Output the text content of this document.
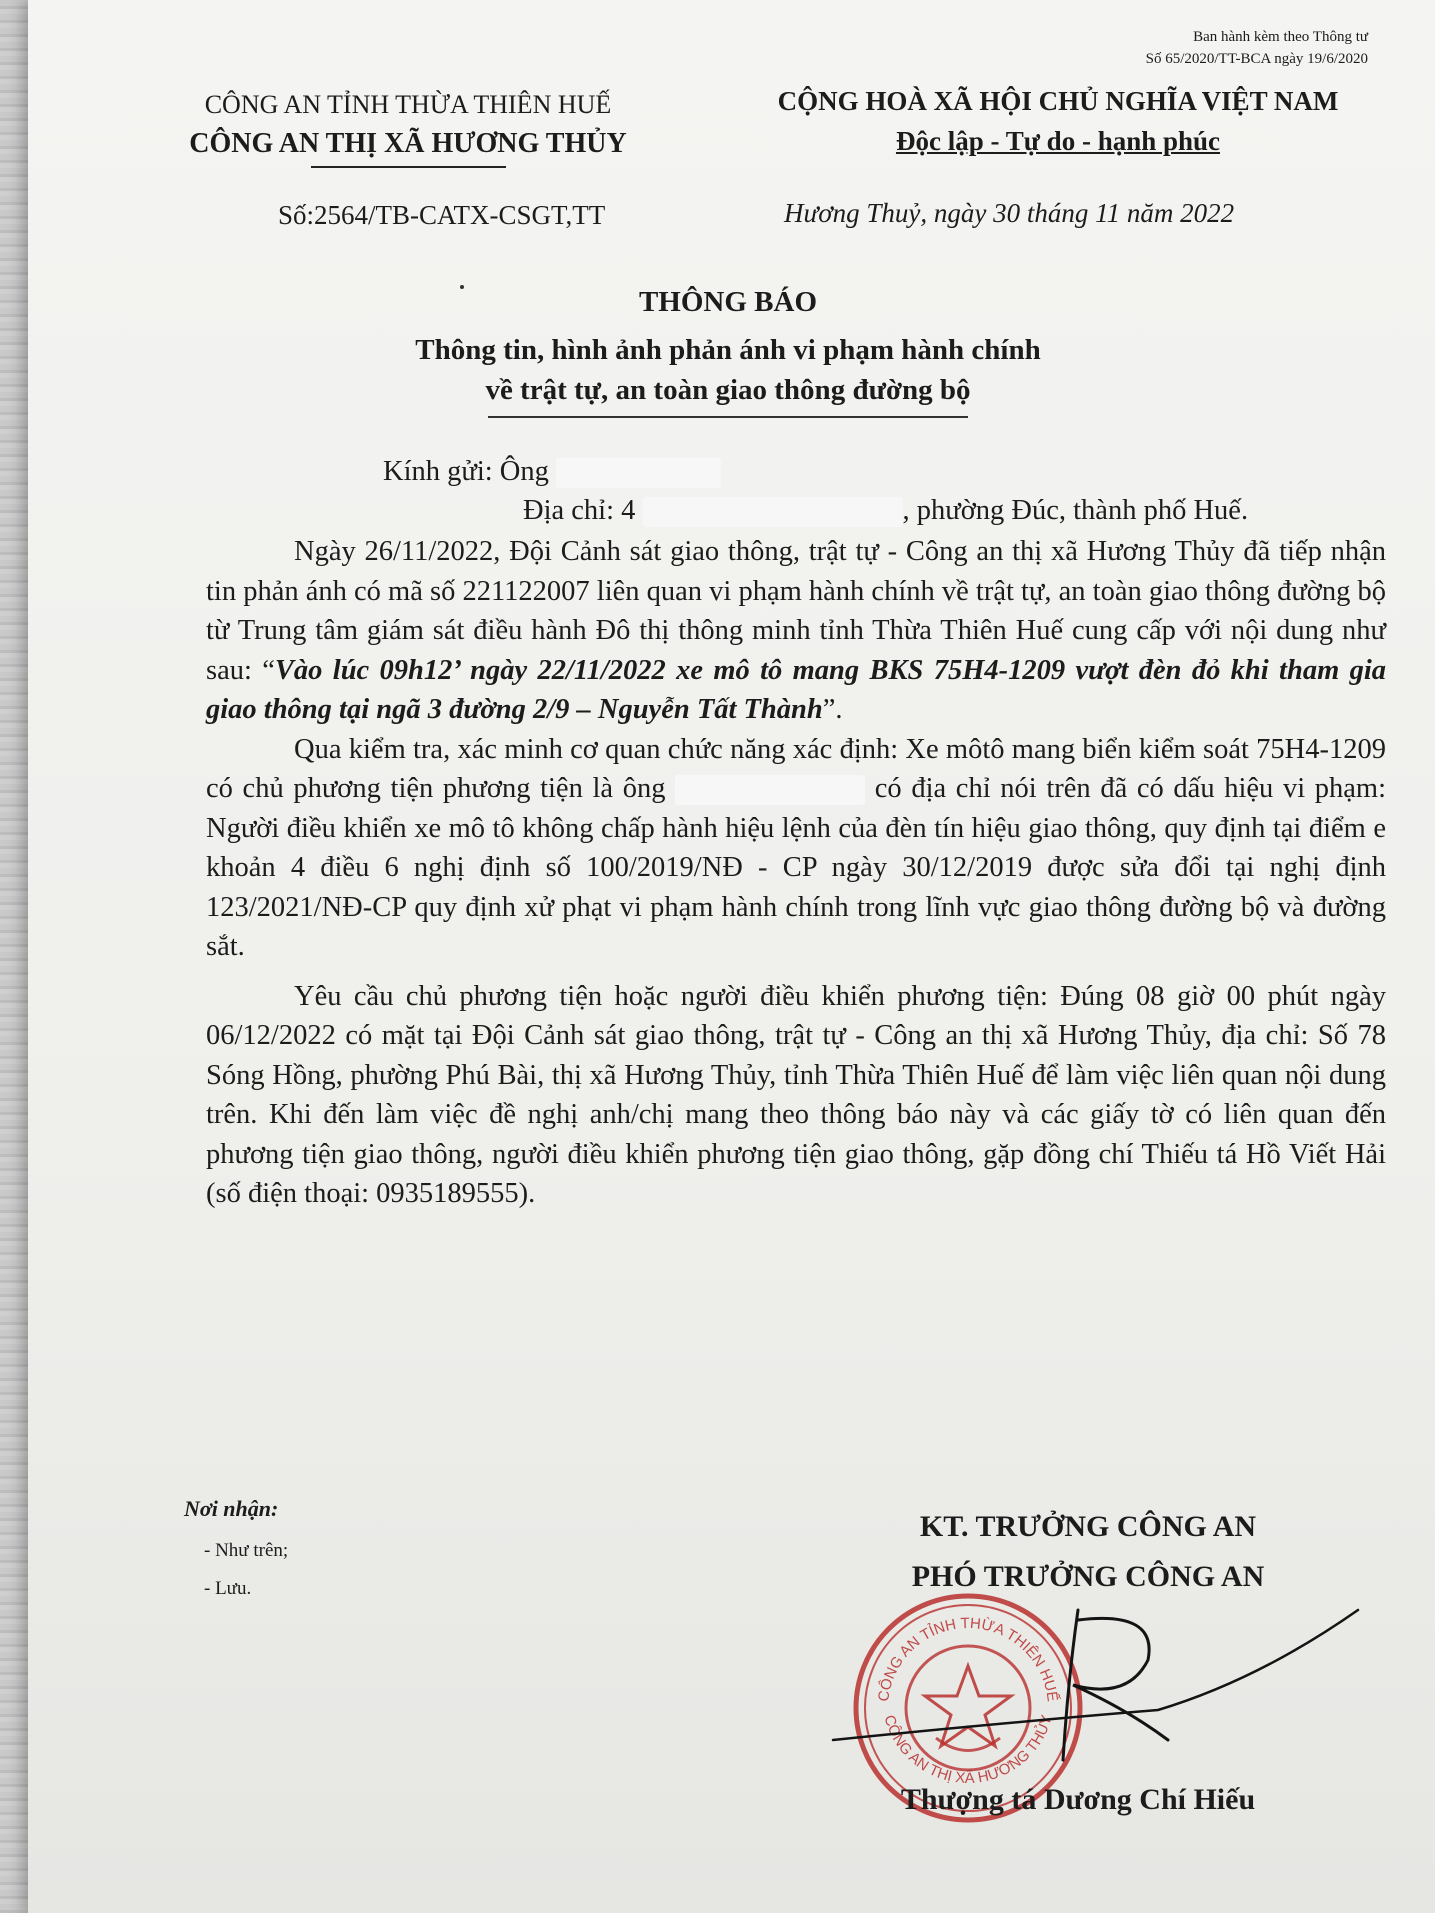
Ban hành kèm theo Thông tư
Số 65/2020/TT-BCA ngày 19/6/2020
CÔNG AN TỈNH THỪA THIÊN HUẾ
CÔNG AN THỊ XÃ HƯƠNG THỦY
Số:2564/TB-CATX-CSGT,TT
CỘNG HOÀ XÃ HỘI CHỦ NGHĨA VIỆT NAM
Độc lập - Tự do - hạnh phúc
Hương Thuỷ, ngày 30 tháng 11 năm 2022
THÔNG BÁO
Thông tin, hình ảnh phản ánh vi phạm hành chính
về trật tự, an toàn giao thông đường bộ
Kính gửi: Ông
Địa chỉ: 4	, phường Đúc, thành phố Huế.

Ngày 26/11/2022, Đội Cảnh sát giao thông, trật tự - Công an thị xã Hương Thủy đã tiếp nhận tin phản ánh có mã số 221122007 liên quan vi phạm hành chính về trật tự, an toàn giao thông đường bộ từ Trung tâm giám sát điều hành Đô thị thông minh tỉnh Thừa Thiên Huế cung cấp với nội dung như sau: “Vào lúc 09h12’ ngày 22/11/2022 xe mô tô mang BKS 75H4-1209 vượt đèn đỏ khi tham gia giao thông tại ngã 3 đường 2/9 – Nguyễn Tất Thành”.

Qua kiểm tra, xác minh cơ quan chức năng xác định: Xe môtô mang biển kiểm soát 75H4-1209 có chủ phương tiện phương tiện là ông	có địa chỉ nói trên đã có dấu hiệu vi phạm: Người điều khiển xe mô tô không chấp hành hiệu lệnh của đèn tín hiệu giao thông, quy định tại điểm e khoản 4 điều 6 nghị định số 100/2019/NĐ - CP ngày 30/12/2019 được sửa đổi tại nghị định 123/2021/NĐ-CP quy định xử phạt vi phạm hành chính trong lĩnh vực giao thông đường bộ và đường sắt.

Yêu cầu chủ phương tiện hoặc người điều khiển phương tiện: Đúng 08 giờ 00 phút ngày 06/12/2022 có mặt tại Đội Cảnh sát giao thông, trật tự - Công an thị xã Hương Thủy, địa chỉ: Số 78 Sóng Hồng, phường Phú Bài, thị xã Hương Thủy, tỉnh Thừa Thiên Huế để làm việc liên quan nội dung trên. Khi đến làm việc đề nghị anh/chị mang theo thông báo này và các giấy tờ có liên quan đến phương tiện giao thông, người điều khiển phương tiện giao thông, gặp đồng chí Thiếu tá Hồ Viết Hải (số điện thoại: 0935189555).

Nơi nhận:
- Như trên;
- Lưu.
KT. TRƯỞNG CÔNG AN
PHÓ TRƯỞNG CÔNG AN
CÔNG AN TỈNH THỪA THIÊN HUẾ
CÔNG AN THỊ XÃ HƯƠNG THỦY
Thượng tá Dương Chí Hiếu
